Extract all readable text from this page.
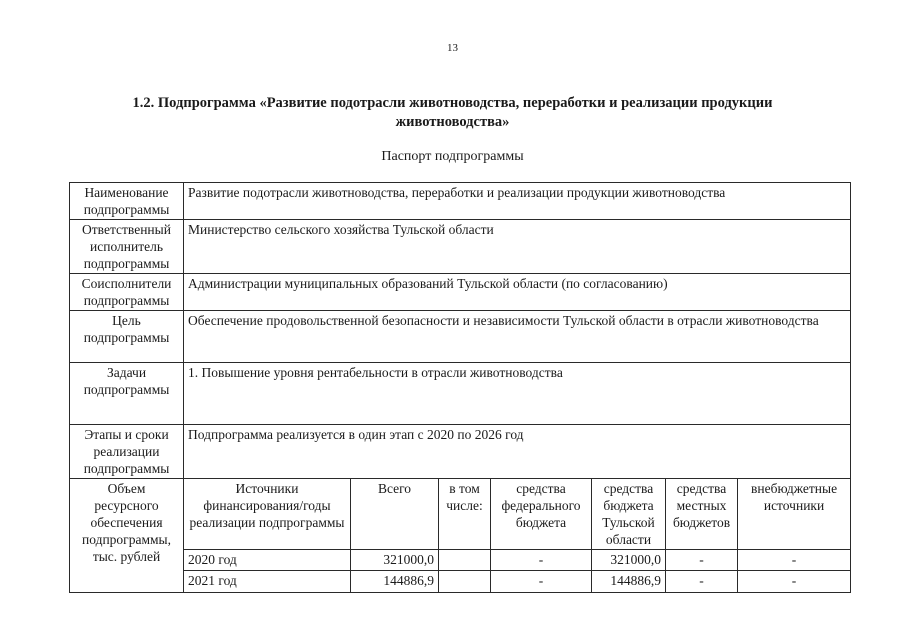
13
1.2. Подпрограмма «Развитие подотрасли животноводства, переработки и реализации продукции животноводства»
Паспорт подпрограммы
Наименование подпрограммы	Развитие подотрасли животноводства, переработки и реализации продукции животноводства						
Ответственный исполнитель подпрограммы	Министерство сельского хозяйства Тульской области						
Соисполнители подпрограммы	Администрации муниципальных образований Тульской области (по согласованию)						
Цель подпрограммы	Обеспечение продовольственной безопасности и независимости Тульской области в отрасли животноводства						
Задачи подпрограммы	1. Повышение уровня рентабельности в отрасли животноводства						
Этапы и сроки реализации подпрограммы	Подпрограмма реализуется в один этап с 2020 по 2026 год						
Объем ресурсного обеспечения подпрограммы, тыс. рублей	Источники финансирования/годы реализации подпрограммы	Всего	в том числе:	средства федерального бюджета	средства бюджета Тульской области	средства местных бюджетов	внебюджетные источники
	2020 год	321000,0		-	321000,0	-	-
	2021 год	144886,9		-	144886,9	-	-
